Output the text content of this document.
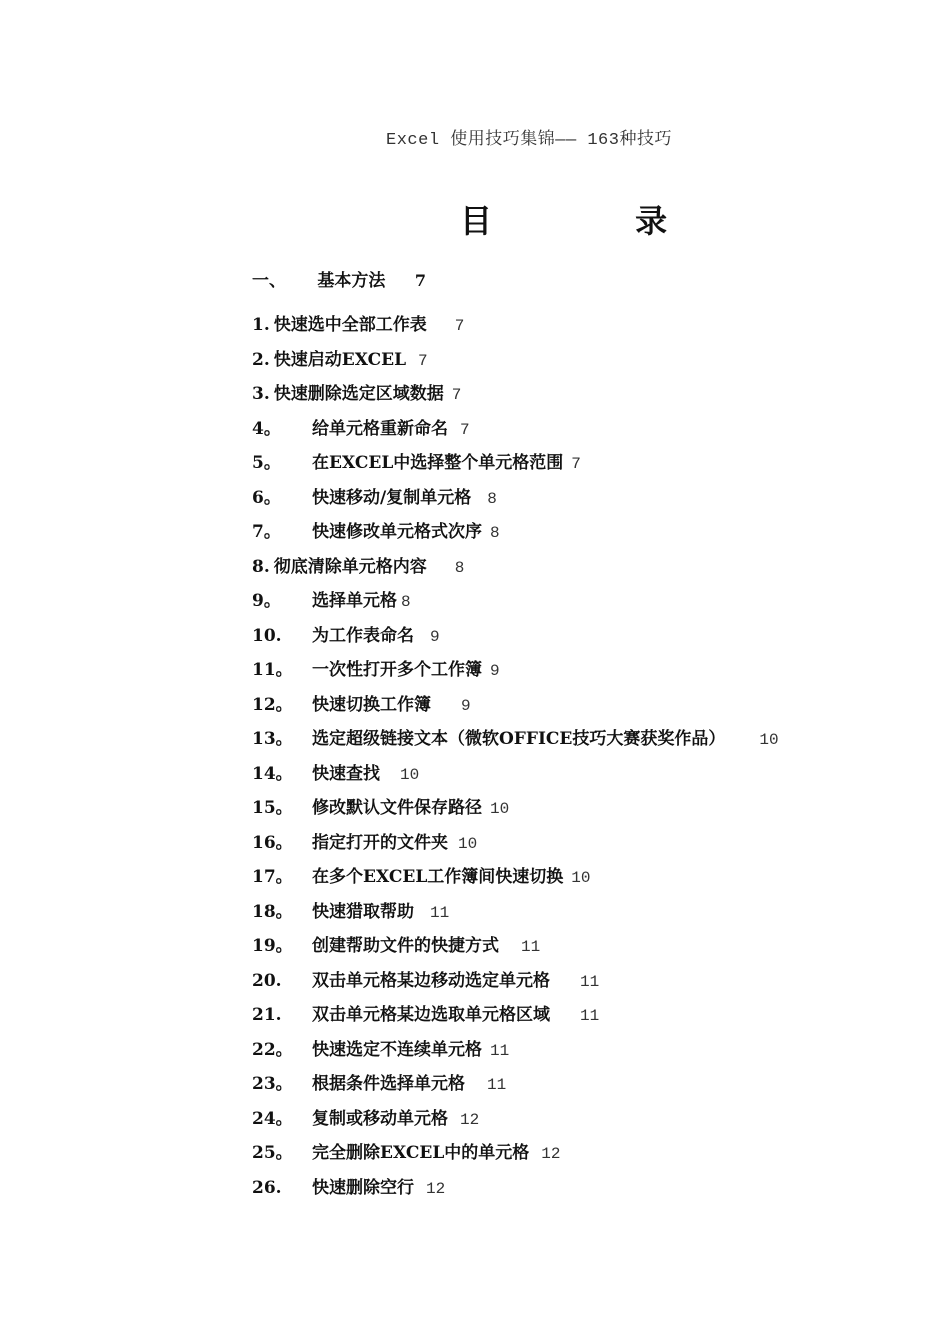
Excel 使用技巧集锦—— 163种技巧
目 录
一、 基本方法 7
1. 快速选中全部工作表 7
2. 快速启动EXCEL 7
3. 快速删除选定区域数据 7
4。 给单元格重新命名 7
5。 在EXCEL中选择整个单元格范围 7
6。 快速移动/复制单元格 8
7。 快速修改单元格式次序 8
8. 彻底清除单元格内容 8
9。 选择单元格 8
10. 为工作表命名 9
11。 一次性打开多个工作簿 9
12。 快速切换工作簿 9
13。 选定超级链接文本（微软OFFICE技巧大赛获奖作品） 10
14。 快速查找 10
15。 修改默认文件保存路径 10
16。 指定打开的文件夹 10
17。 在多个EXCEL工作簿间快速切换 10
18。 快速猎取帮助 11
19。 创建帮助文件的快捷方式 11
20. 双击单元格某边移动选定单元格 11
21. 双击单元格某边选取单元格区域 11
22。 快速选定不连续单元格 11
23。 根据条件选择单元格 11
24。 复制或移动单元格 12
25。 完全删除EXCEL中的单元格 12
26. 快速删除空行 12
